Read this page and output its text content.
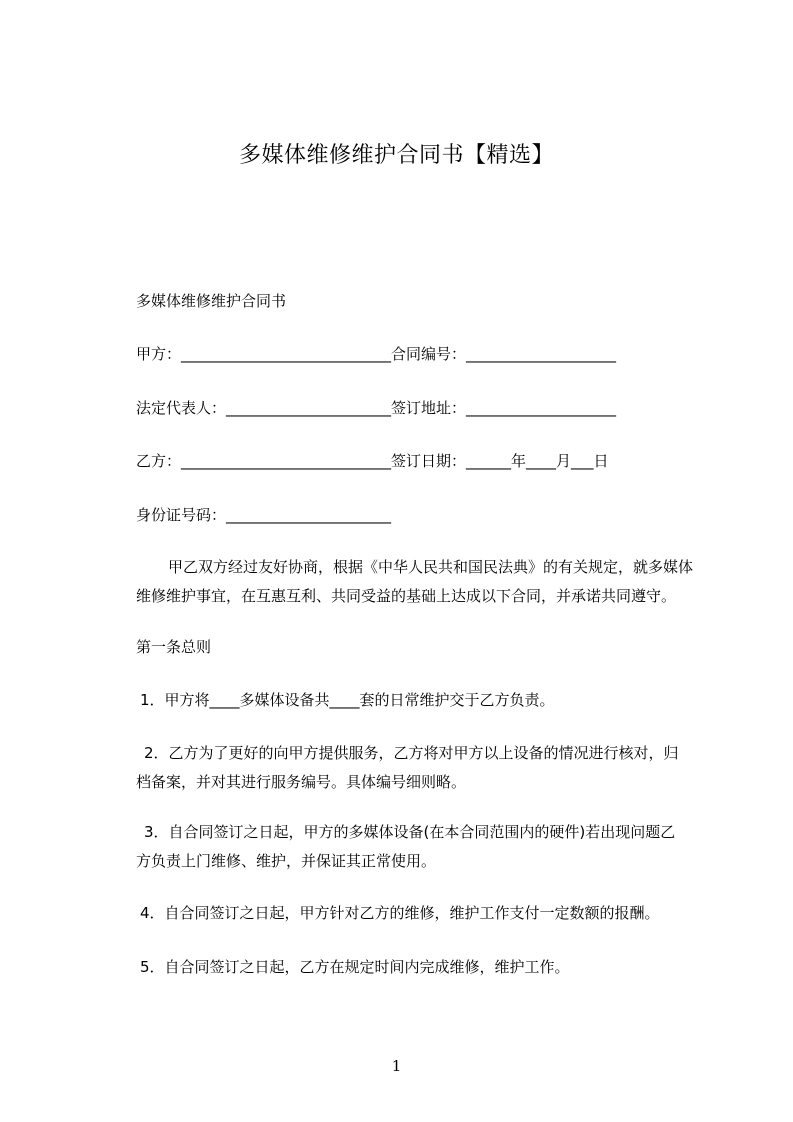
多媒体维修维护合同书【精选】
多媒体维修维护合同书
甲方：____________________________合同编号：____________________
法定代表人：______________________签订地址：____________________
乙方：____________________________签订日期：______年____月___日
身份证号码：______________________
甲乙双方经过友好协商，根据《中华人民共和国民法典》的有关规定，就多媒体
维修维护事宜，在互惠互利、共同受益的基础上达成以下合同，并承诺共同遵守。
第一条总则
1．甲方将____多媒体设备共____套的日常维护交于乙方负责。
2．乙方为了更好的向甲方提供服务，乙方将对甲方以上设备的情况进行核对，归
档备案，并对其进行服务编号。具体编号细则略。
3．自合同签订之日起，甲方的多媒体设备(在本合同范围内的硬件)若出现问题乙
方负责上门维修、维护，并保证其正常使用。
4．自合同签订之日起，甲方针对乙方的维修，维护工作支付一定数额的报酬。
5．自合同签订之日起，乙方在规定时间内完成维修，维护工作。
1
